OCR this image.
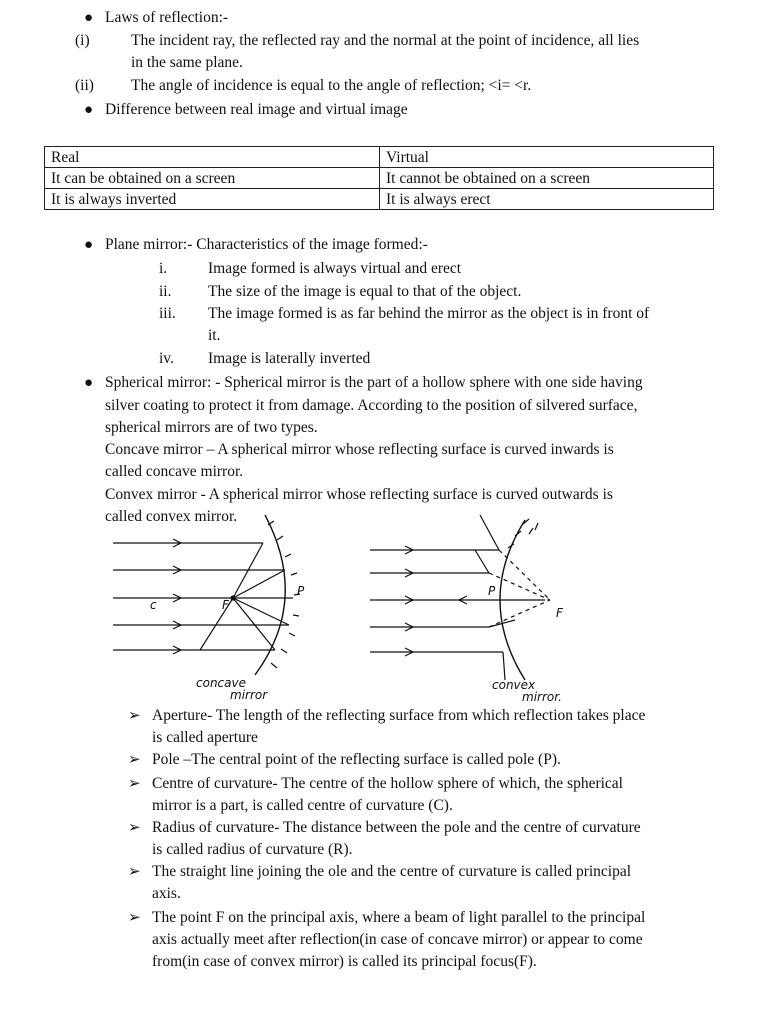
● Laws of reflection:-
(i)	The incident ray, the reflected ray and the normal at the point of incidence, all lies
in the same plane.
(ii) The angle of incidence is equal to the angle of reflection; <i= <r.
● Difference between real image and virtual image
Real	Virtual
It can be obtained on a screen	It cannot be obtained on a screen
It is always inverted	It is always erect
● Plane mirror:- Characteristics of the image formed:-
i.	Image formed is always virtual and erect
ii. The size of the image is equal to that of the object.
iii. The image formed is as far behind the mirror as the object is in front of
it.
iv. Image is laterally inverted
● Spherical mirror: - Spherical mirror is the part of a hollow sphere with one side having
silver coating to protect it from damage. According to the position of silvered surface,
spherical mirrors are of two types.
Concave mirror – A spherical mirror whose reflecting surface is curved inwards is
called concave mirror.
Convex mirror - A spherical mirror whose reflecting surface is curved outwards is
called convex mirror.
c	F
P
concave
mirror
P
F
convex
mirror.
➢ Aperture- The length of the reflecting surface from which reflection takes place
is called aperture
➢ Pole –The central point of the reflecting surface is called pole (P).
➢ Centre of curvature- The centre of the hollow sphere of which, the spherical
mirror is a part, is called centre of curvature (C).
➢ Radius of curvature- The distance between the pole and the centre of curvature
is called radius of curvature (R).
➢ The straight line joining the ole and the centre of curvature is called principal
axis.
➢ The point F on the principal axis, where a beam of light parallel to the principal
axis actually meet after reflection(in case of concave mirror) or appear to come
from(in case of convex mirror) is called its principal focus(F).
